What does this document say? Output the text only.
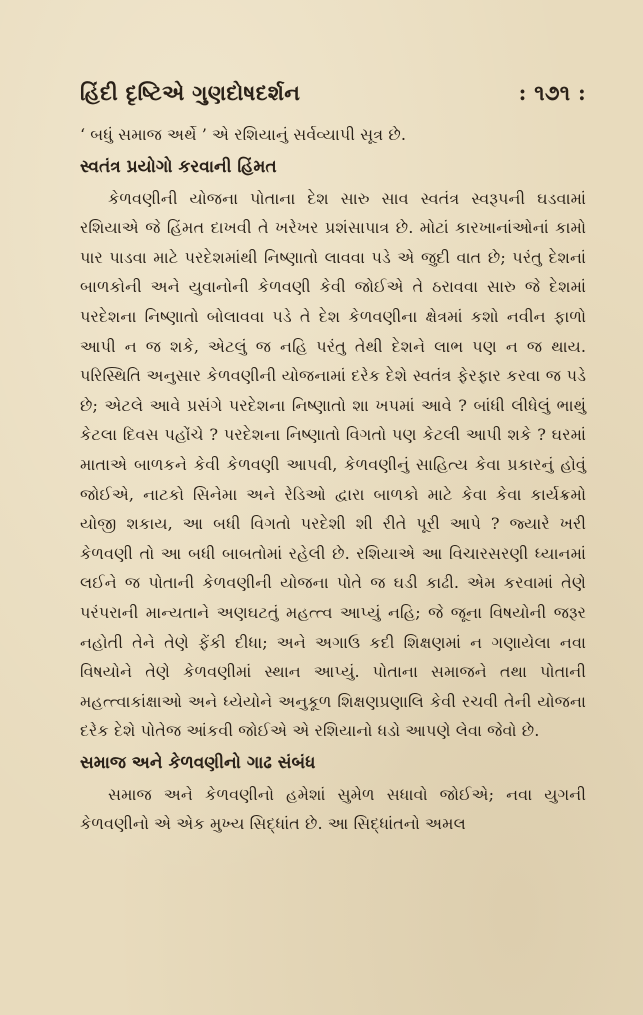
હિંદી દૃષ્ટિએ ગુણદોષદર્શન	: ૧૭૧ :

‘ બધું સમાજ અર્થે ’ એ રશિયાનું સર્વવ્યાપી સૂત્ર છે.

સ્વતંત્ર પ્રયોગો કરવાની હિંમત

કેળવણીની યોજના પોતાના દેશ સારુ સાવ સ્વતંત્ર સ્વરૂપની ઘડવામાં રશિયાએ જે હિંમત દાખવી તે ખરેખર પ્રશંસાપાત્ર છે. મોટાં કારખાનાંઓનાં કામો પાર પાડવા માટે પરદેશમાંથી નિષ્ણાતો લાવવા પડે એ જુદી વાત છે; પરંતુ દેશનાં બાળકોની અને યુવાનોની કેળવણી કેવી જોઈએ તે ઠરાવવા સારુ જે દેશમાં પરદેશના નિષ્ણાતો બોલાવવા પડે તે દેશ કેળવણીના ક્ષેત્રમાં કશો નવીન ફાળો આપી ન જ શકે, એટલું જ નહિ પરંતુ તેથી દેશને લાભ પણ ન જ થાય. પરિસ્થિતિ અનુસાર કેળવણીની યોજનામાં દરેક દેશે સ્વતંત્ર ફેરફાર કરવા જ પડે છે; એટલે આવે પ્રસંગે પરદેશના નિષ્ણાતો શા ખપમાં આવે ? બાંધી લીધેલું ભાથું કેટલા દિવસ પહોંચે ? પરદેશના નિષ્ણાતો વિગતો પણ કેટલી આપી શકે ? ઘરમાં માતાએ બાળકને કેવી કેળવણી આપવી, કેળવણીનું સાહિત્ય કેવા પ્રકારનું હોવું જોઈએ, નાટકો સિનેમા અને રેડિઓ દ્વારા બાળકો માટે કેવા કેવા કાર્યક્રમો યોજી શકાય, આ બધી વિગતો પરદેશી શી રીતે પૂરી આપે ? જ્યારે ખરી કેળવણી તો આ બધી બાબતોમાં રહેલી છે. રશિયાએ આ વિચારસરણી ધ્યાનમાં લઈને જ પોતાની કેળવણીની યોજના પોતે જ ઘડી કાઢી. એમ કરવામાં તેણે પરંપરાની માન્યતાને અણઘટતું મહત્ત્વ આપ્યું નહિ; જે જૂના વિષયોની જરૂર નહોતી તેને તેણે ફેંકી દીધા; અને અગાઉ કદી શિક્ષણમાં ન ગણાયેલા નવા વિષયોને તેણે કેળવણીમાં સ્થાન આપ્યું. પોતાના સમાજને તથા પોતાની મહત્ત્વાકાંક્ષાઓ અને ધ્યેયોને અનુકૂળ શિક્ષણપ્રણાલિ કેવી રચવી તેની યોજના દરેક દેશે પોતેજ આંકવી જોઈએ એ રશિયાનો ધડો આપણે લેવા જેવો છે.

સમાજ અને કેળવણીનો ગાઢ સંબંધ

સમાજ અને કેળવણીનો હમેશાં સુમેળ સધાવો જોઈએ; નવા યુગની કેળવણીનો એ એક મુખ્ય સિદ્ધાંત છે. આ સિદ્ધાંતનો અમલ
